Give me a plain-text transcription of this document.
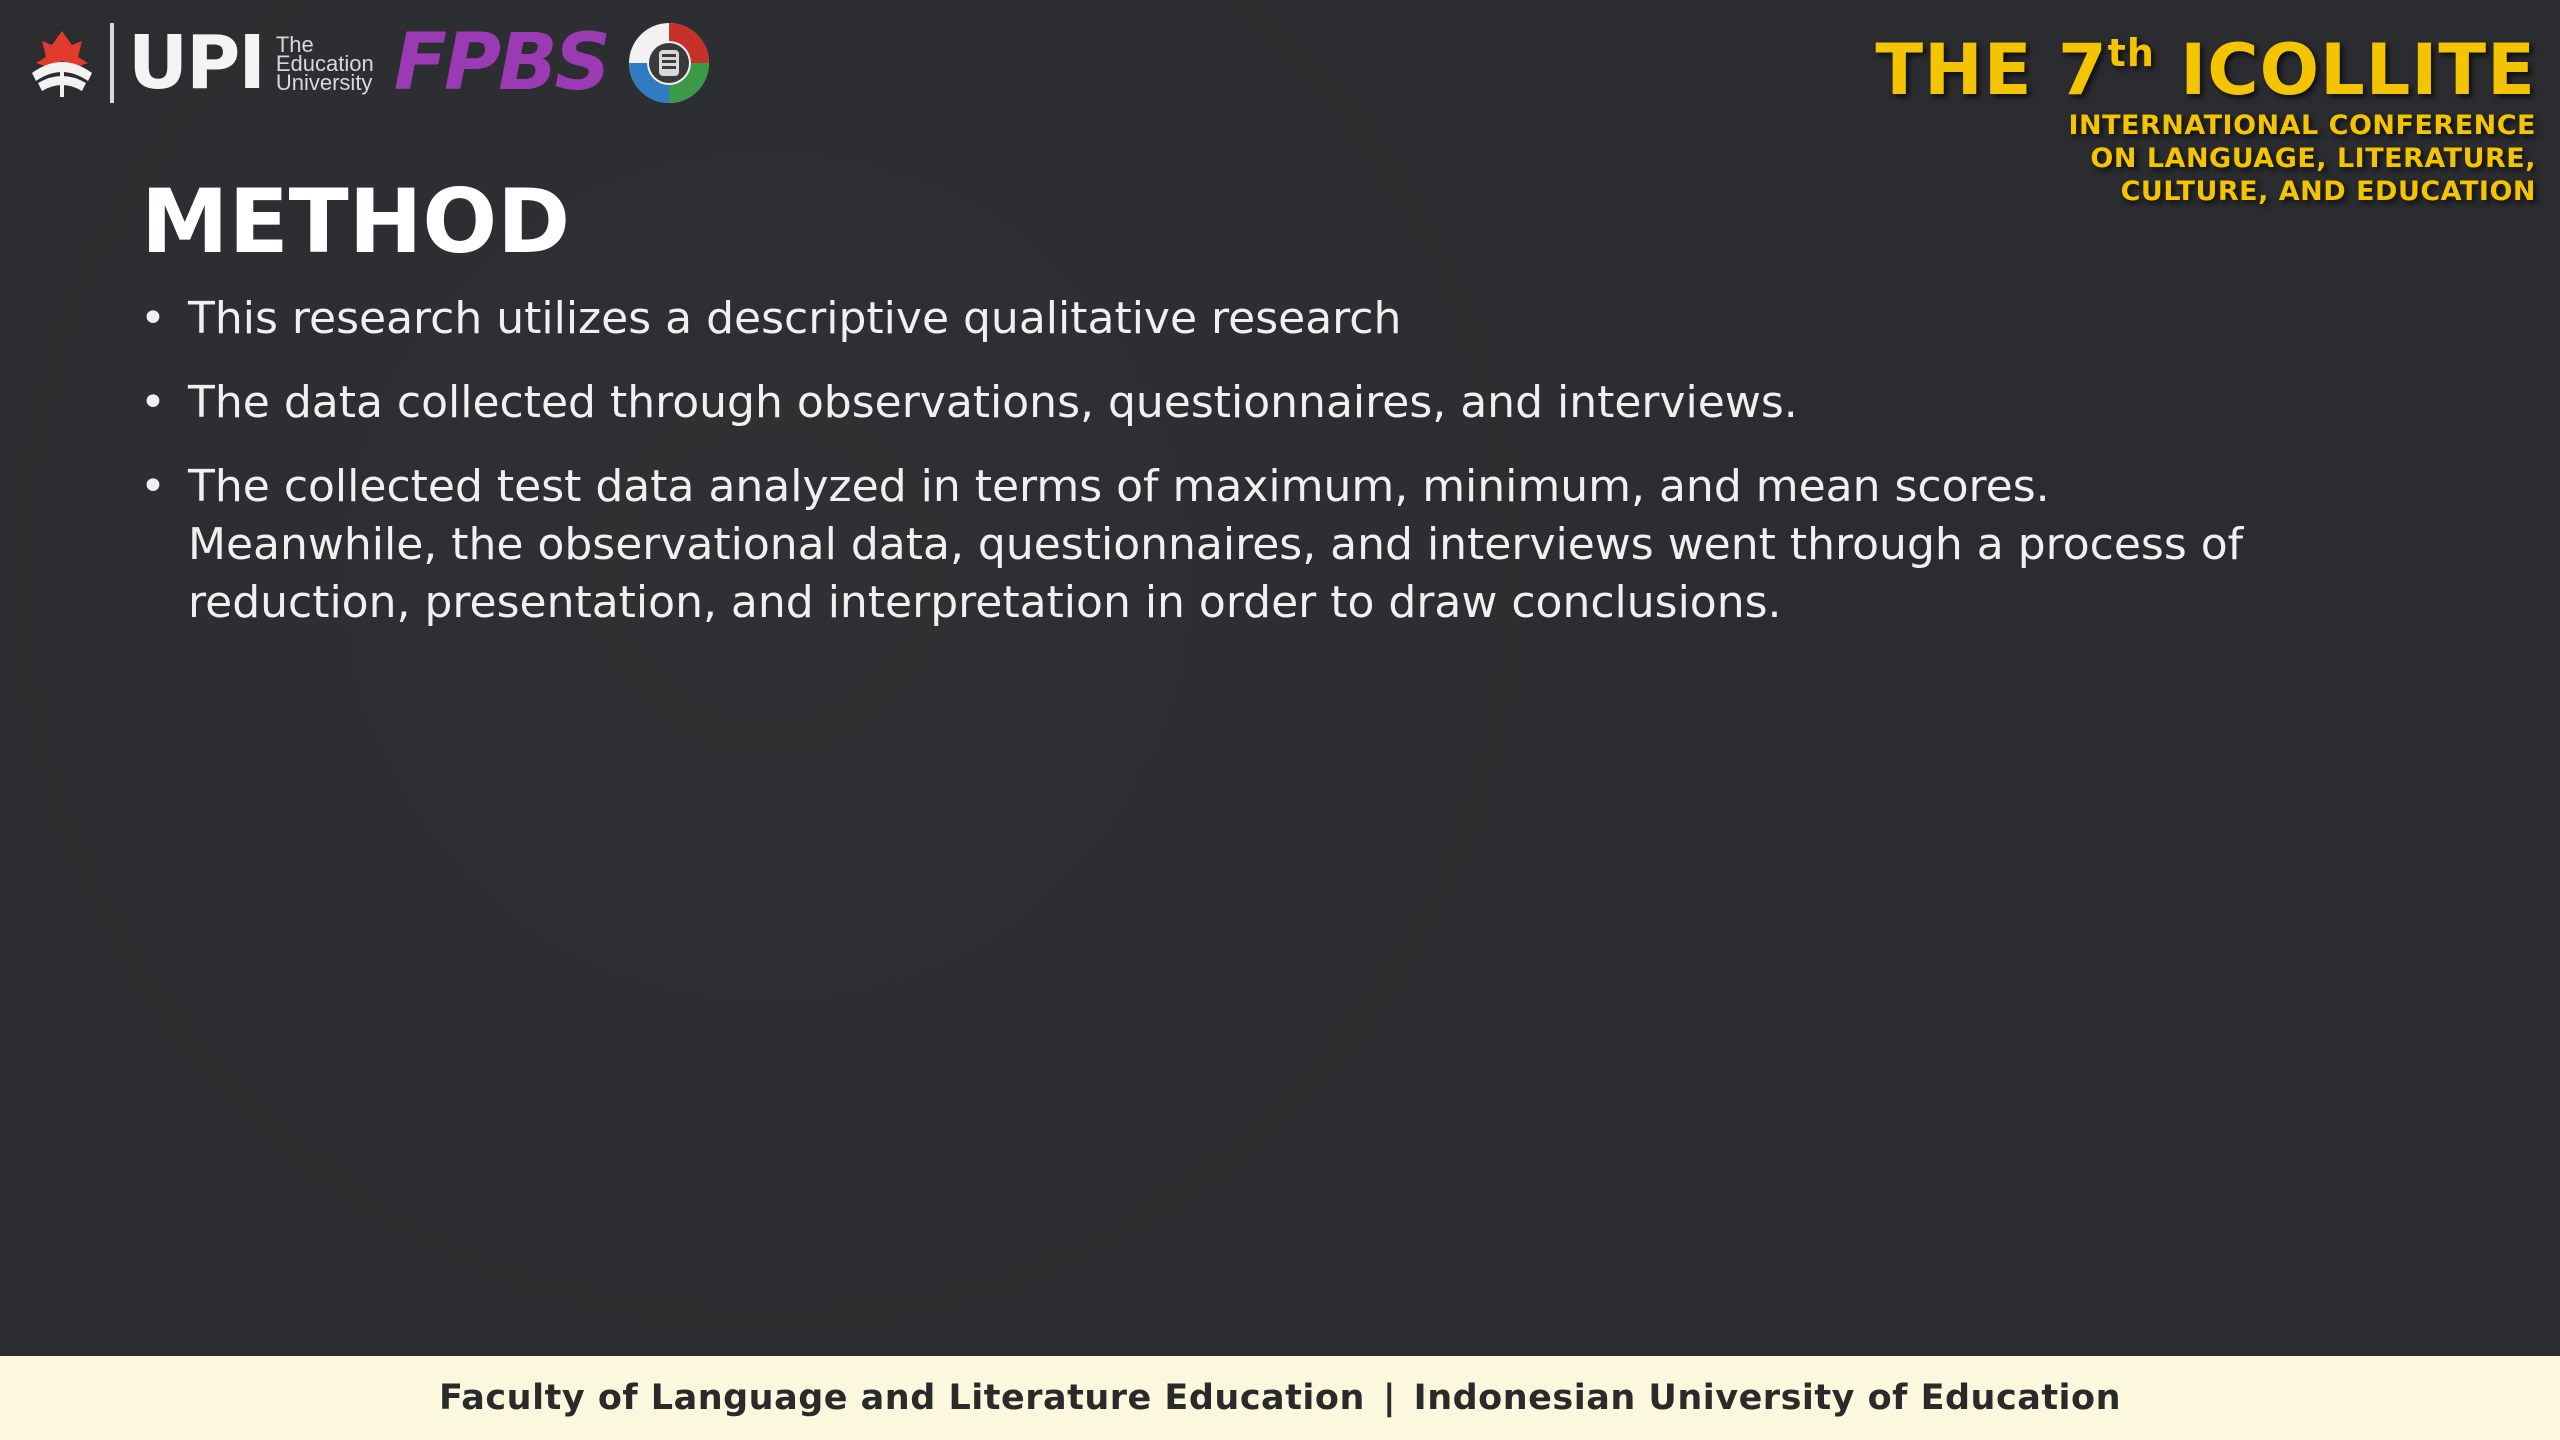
UPI The
Education
University FPBS	THE 7th ICOLLITE
INTERNATIONAL CONFERENCE
ON LANGUAGE, LITERATURE,
CULTURE, AND EDUCATION
METHOD
• This research utilizes a descriptive qualitative research
• The data collected through observations, questionnaires, and interviews.
• The collected test data analyzed in terms of maximum, minimum, and mean scores. Meanwhile, the observational data, questionnaires, and interviews went through a process of reduction, presentation, and interpretation in order to draw conclusions.
Faculty of Language and Literature Education | Indonesian University of Education
